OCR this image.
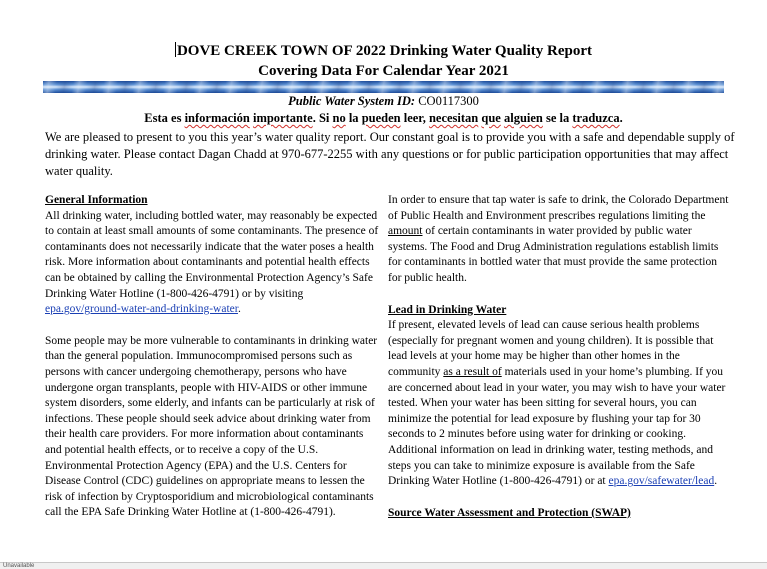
DOVE CREEK TOWN OF 2022 Drinking Water Quality Report
Covering Data For Calendar Year 2021
Public Water System ID: CO0117300
Esta es información importante. Si no la pueden leer, necesitan que alguien se la traduzca.
We are pleased to present to you this year’s water quality report. Our constant goal is to provide you with a safe and dependable supply of drinking water. Please contact Dagan Chadd at 970-677-2255 with any questions or for public participation opportunities that may affect water quality.
General Information

All drinking water, including bottled water, may reasonably be expected to contain at least small amounts of some contaminants. The presence of contaminants does not necessarily indicate that the water poses a health risk. More information about contaminants and potential health effects can be obtained by calling the Environmental Protection Agency’s Safe Drinking Water Hotline (1-800-426-4791) or by visiting epa.gov/ground-water-and-drinking-water.

Some people may be more vulnerable to contaminants in drinking water than the general population. Immunocompromised persons such as persons with cancer undergoing chemotherapy, persons who have undergone organ transplants, people with HIV-AIDS or other immune system disorders, some elderly, and infants can be particularly at risk of infections. These people should seek advice about drinking water from their health care providers. For more information about contaminants and potential health effects, or to receive a copy of the U.S. Environmental Protection Agency (EPA) and the U.S. Centers for Disease Control (CDC) guidelines on appropriate means to lessen the risk of infection by Cryptosporidium and microbiological contaminants call the EPA Safe Drinking Water Hotline at (1-800-426-4791).

In order to ensure that tap water is safe to drink, the Colorado Department of Public Health and Environment prescribes regulations limiting the amount of certain contaminants in water provided by public water systems. The Food and Drug Administration regulations establish limits for contaminants in bottled water that must provide the same protection for public health.

Lead in Drinking Water

If present, elevated levels of lead can cause serious health problems (especially for pregnant women and young children). It is possible that lead levels at your home may be higher than other homes in the community as a result of materials used in your home’s plumbing. If you are concerned about lead in your water, you may wish to have your water tested. When your water has been sitting for several hours, you can minimize the potential for lead exposure by flushing your tap for 30 seconds to 2 minutes before using water for drinking or cooking. Additional information on lead in drinking water, testing methods, and steps you can take to minimize exposure is available from the Safe Drinking Water Hotline (1-800-426-4791) or at epa.gov/safewater/lead.

Source Water Assessment and Protection (SWAP)
Unavailable
